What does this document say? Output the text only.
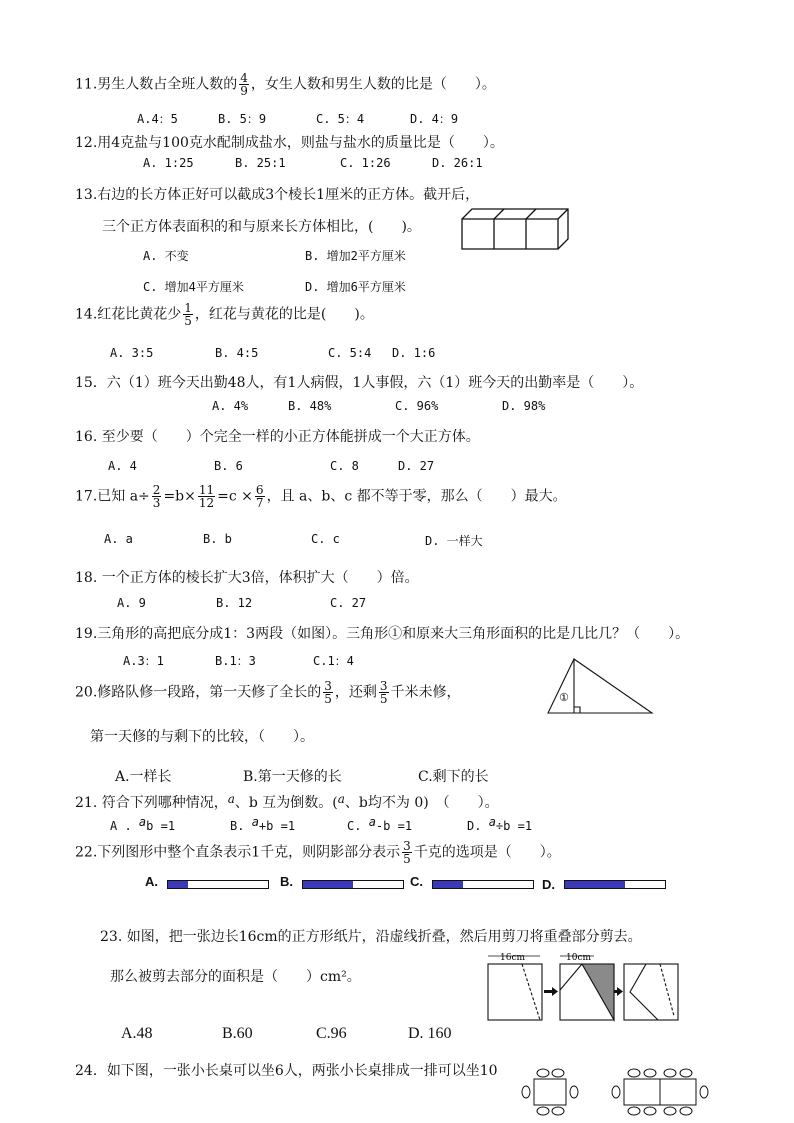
11.男生人数占全班人数的 $\frac{4}{9}$ ，女生人数和男生人数的比是（　　）。
A.4：5	B. 5：9	C. 5：4	D. 4：9
12.用4克盐与100克水配制成盐水，则盐与盐水的质量比是（　　）。
A. 1:25	B. 25:1	C. 1:26	D. 26:1
13.右边的长方体正好可以截成3个棱长1厘米的正方体。截开后，
三个正方体表面积的和与原来长方体相比，(　　)。
A. 不变	B. 增加2平方厘米
C. 增加4平方厘米	D. 增加6平方厘米
14.红花比黄花少 $\frac{1}{5}$ ，红花与黄花的比是(　　)。
A. 3:5	B. 4:5	C. 5:4 D. 1:6
15．六（1）班今天出勤48人，有1人病假，1人事假，六（1）班今天的出勤率是（　　）。
A. 4%	B. 48%	C. 96%	D. 98%
16. 至少要（　　）个完全一样的小正方体能拼成一个大正方体。
A. 4	B. 6	C. 8	D. 27
17.已知 $a\div \frac{2}{3} =b\times \frac{11}{12} =c \times \frac{6}{7}$ ，且 a、b、c 都不等于零，那么（　　）最大。
A. a	B. b	C. c	D. 一样大
18. 一个正方体的棱长扩大3倍，体积扩大（　　）倍。
A. 9	B. 12	C. 27
19.三角形的高把底分成1：3两段（如图）。三角形①和原来大三角形面积的比是几比几？（　　）。
A.3：1	B.1：3	C.1：4
①
20.修路队修一段路，第一天修了全长的 $\frac{3}{5}$ ，还剩 $\frac{3}{5}$ 千米未修，
第一天修的与剩下的比较，（　　）。
A.一样长	B.第一天修的长	C.剩下的长
21. 符合下列哪种情况，a、b 互为倒数。(a、b均不为 0)　（　　）。
A . ab =1	B. a+b =1	C. a-b =1	D. a÷b =1
22.下列图形中整个直条表示1千克，则阴影部分表示 $\frac{3}{5}$ 千克的选项是（　　）。
A.	B.	C.	D.
23. 如图，把一张边长16cm的正方形纸片，沿虚线折叠，然后用剪刀将重叠部分剪去。
那么被剪去部分的面积是（　　）cm²。
16cm	10cm
A.48	B.60	C.96	D. 160
24．如下图，一张小长桌可以坐6人，两张小长桌排成一排可以坐10
